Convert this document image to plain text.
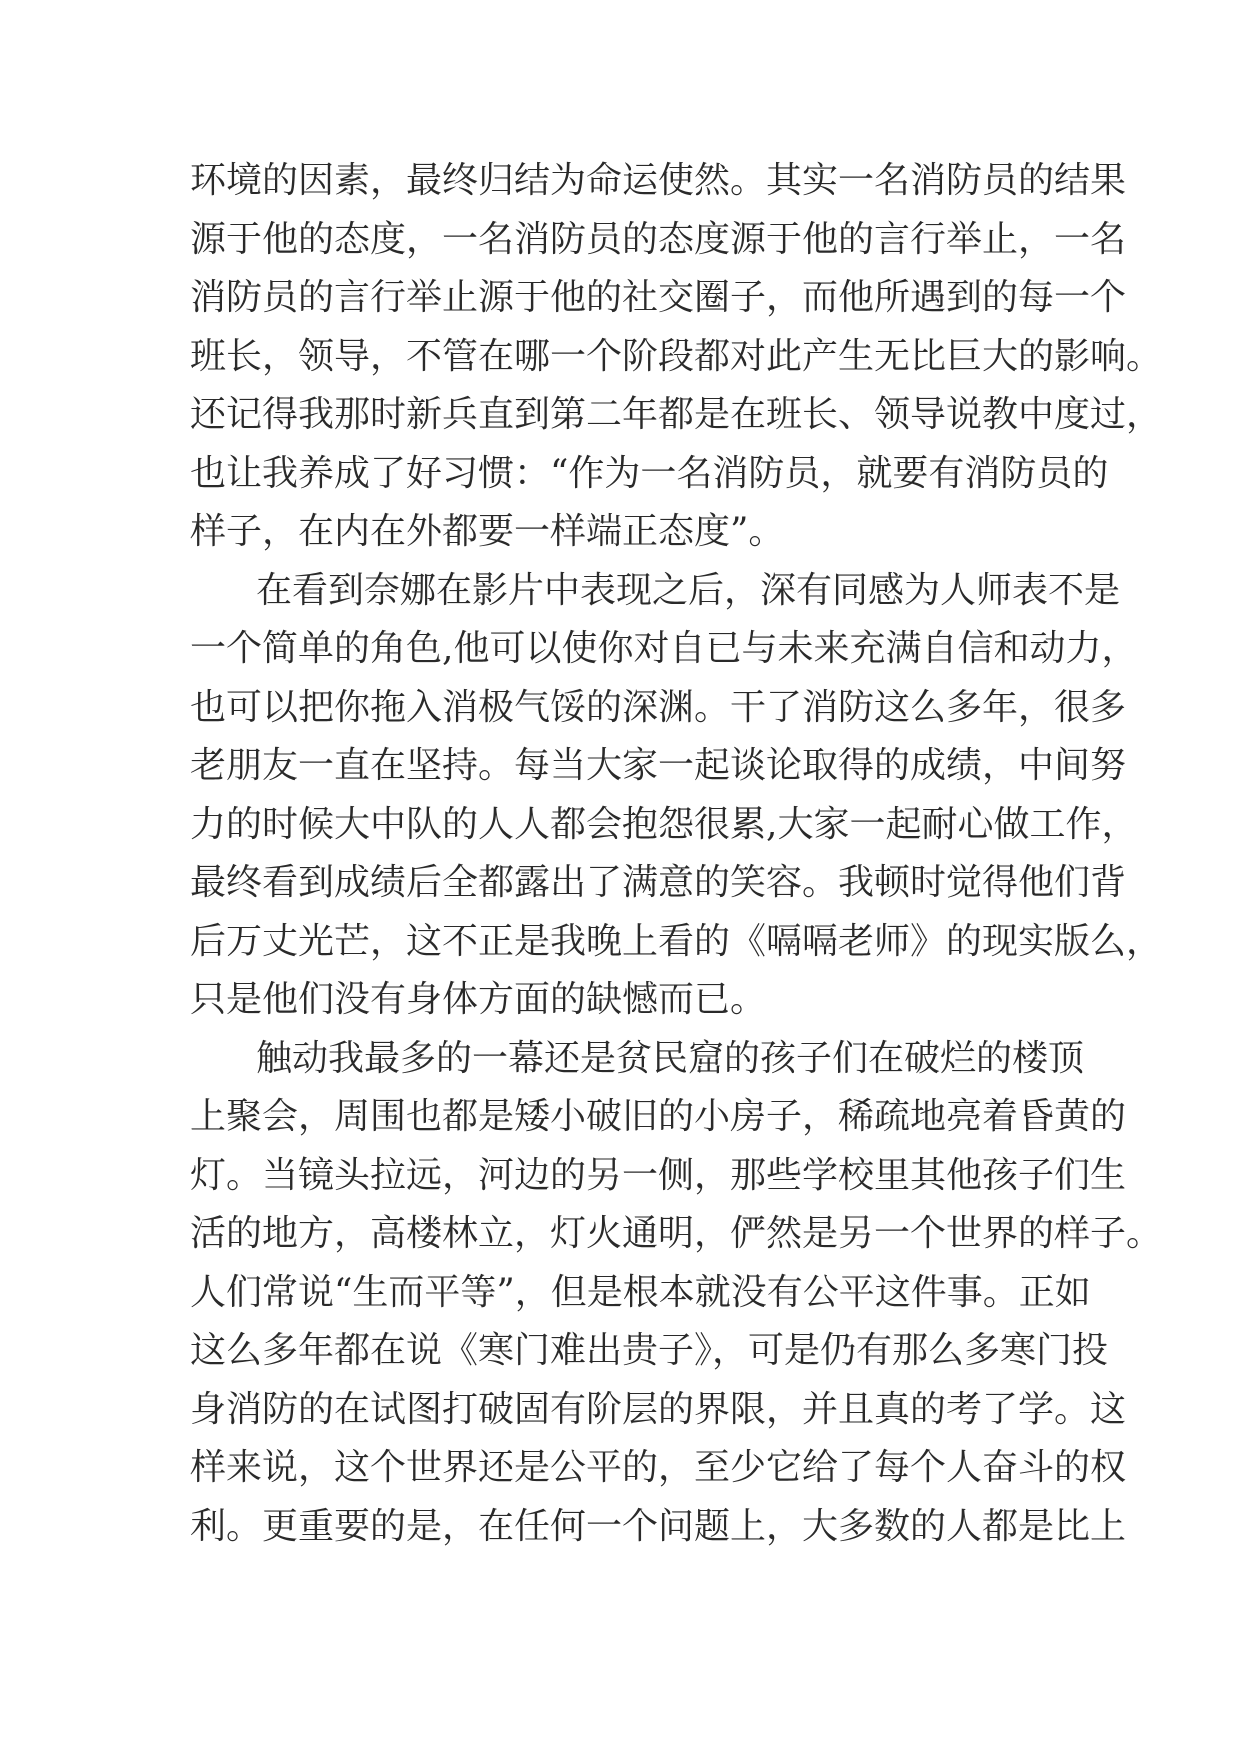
环境的因素，最终归结为命运使然。其实一名消防员的结果
源于他的态度，一名消防员的态度源于他的言行举止，一名
消防员的言行举止源于他的社交圈子，而他所遇到的每一个
班长，领导，不管在哪一个阶段都对此产生无比巨大的影响。
还记得我那时新兵直到第二年都是在班长、领导说教中度过，
也让我养成了好习惯：“作为一名消防员，就要有消防员的
样子，在内在外都要一样端正态度”。
在看到奈娜在影片中表现之后，深有同感为人师表不是
一个简单的角色,他可以使你对自已与未来充满自信和动力，
也可以把你拖入消极气馁的深渊。干了消防这么多年，很多
老朋友一直在坚持。每当大家一起谈论取得的成绩，中间努
力的时候大中队的人人都会抱怨很累,大家一起耐心做工作，
最终看到成绩后全都露出了满意的笑容。我顿时觉得他们背
后万丈光芒，这不正是我晚上看的《嗝嗝老师》的现实版么，
只是他们没有身体方面的缺憾而已。
触动我最多的一幕还是贫民窟的孩子们在破烂的楼顶
上聚会，周围也都是矮小破旧的小房子，稀疏地亮着昏黄的
灯。当镜头拉远，河边的另一侧，那些学校里其他孩子们生
活的地方，高楼林立，灯火通明，俨然是另一个世界的样子。
人们常说“生而平等”，但是根本就没有公平这件事。正如
这么多年都在说《寒门难出贵子》，可是仍有那么多寒门投
身消防的在试图打破固有阶层的界限，并且真的考了学。这
样来说，这个世界还是公平的，至少它给了每个人奋斗的权
利。更重要的是，在任何一个问题上，大多数的人都是比上
